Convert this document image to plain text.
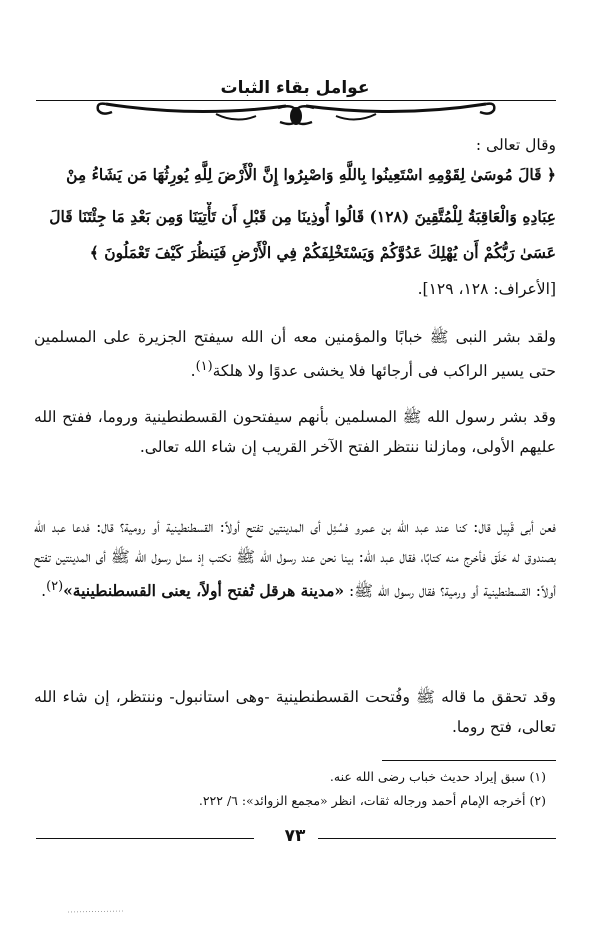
عوامل بقاء الثبات
وقال تعالى :
﴿ قَالَ مُوسَىٰ لِقَوْمِهِ اسْتَعِينُوا بِاللَّهِ وَاصْبِرُوا إِنَّ الْأَرْضَ لِلَّهِ يُورِثُهَا مَن يَشَاءُ مِنْ
عِبَادِهِ وَالْعَاقِبَةُ لِلْمُتَّقِينَ (١٢٨) قَالُوا أُوذِينَا مِن قَبْلِ أَن تَأْتِيَنَا وَمِن بَعْدِ مَا جِئْتَنَا قَالَ
عَسَىٰ رَبُّكُمْ أَن يُهْلِكَ عَدُوَّكُمْ وَيَسْتَخْلِفَكُمْ فِي الْأَرْضِ فَيَنظُرَ كَيْفَ تَعْمَلُونَ ﴾
[الأعراف: ١٢٨، ١٢٩].

ولقد بشر النبى ﷺ خبابًا والمؤمنين معه أن الله سيفتح الجزيرة على المسلمين حتى يسير الراكب فى أرجائها فلا يخشى عدوًا ولا هلكة$^{(١)}$.

وقد بشر رسول الله ﷺ المسلمين بأنهم سيفتحون القسطنطينية وروما، ففتح الله عليهم الأولى، ومازلنا ننتظر الفتح الآخر القريب إن شاء الله تعالى.

فعن أبى قَبِيل قال: كنا عند عبد الله بن عمرو فسُئِل أى المدينتين تفتح أولاً: القسطنطينية أو رومية؟ قال: فدعا عبد الله بصندوق له حَلَق فأخرج منه كتابًا، فقال عبد الله: بينا نحن عند رسول الله ﷺ نكتب إذ سئل رسول الله ﷺ أى المدينتين تفتح أولاً: القسطنطينية أو ورمية؟ فقال رسول الله ﷺ: «مدينة هرقل تُفتح أولاً، يعنى القسطنطينية»$^{(٢)}$.

وقد تحقق ما قاله ﷺ وفُتحت القسطنطينية -وهى استانبول- وننتظر، إن شاء الله تعالى، فتح روما.

(١) سبق إيراد حديث خباب رضى الله عنه.
(٢) أخرجه الإمام أحمد ورجاله ثقات، انظر «مجمع الزوائد»: ٦/ ٢٢٢.
٧٣
